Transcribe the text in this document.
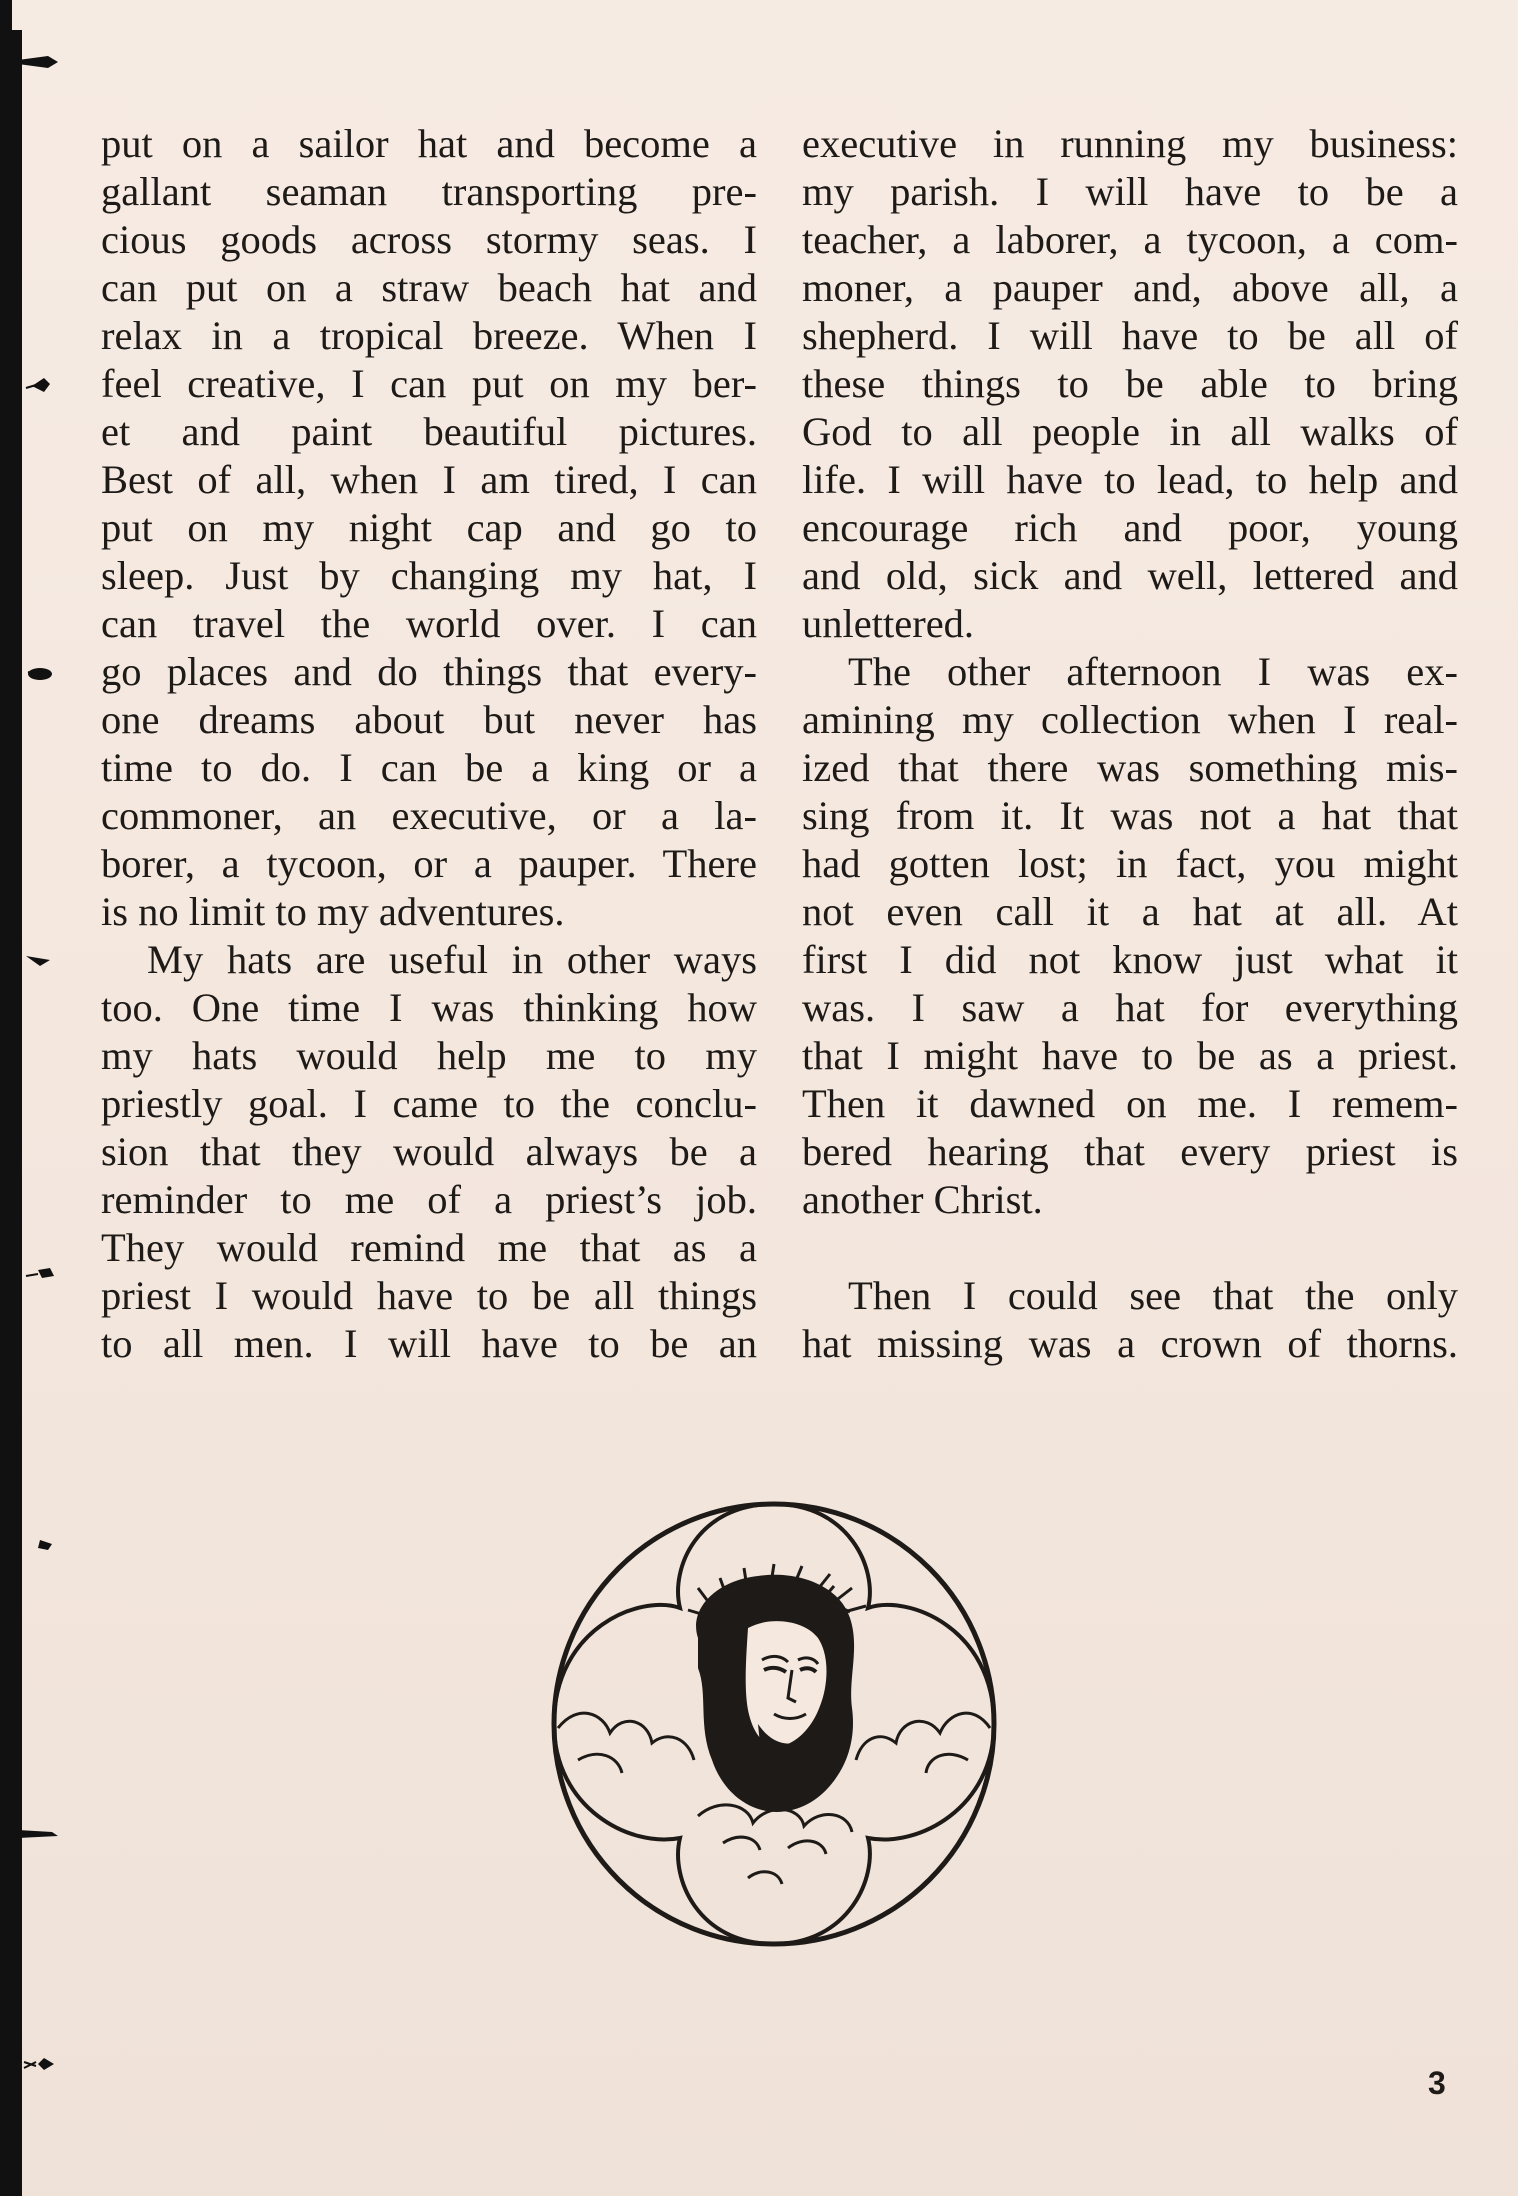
put on a sailor hat and become a
gallant seaman transporting pre-
cious goods across stormy seas. I
can put on a straw beach hat and
relax in a tropical breeze. When I
feel creative, I can put on my ber-
et and paint beautiful pictures.
Best of all, when I am tired, I can
put on my night cap and go to
sleep. Just by changing my hat, I
can travel the world over. I can
go places and do things that every-
one dreams about but never has
time to do. I can be a king or a
commoner, an executive, or a la-
borer, a tycoon, or a pauper. There
is no limit to my adventures.
My hats are useful in other ways
too. One time I was thinking how
my hats would help me to my
priestly goal. I came to the conclu-
sion that they would always be a
reminder to me of a priest’s job.
They would remind me that as a
priest I would have to be all things
to all men. I will have to be an
executive in running my business:
my parish. I will have to be a
teacher, a laborer, a tycoon, a com-
moner, a pauper and, above all, a
shepherd. I will have to be all of
these things to be able to bring
God to all people in all walks of
life. I will have to lead, to help and
encourage rich and poor, young
and old, sick and well, lettered and
unlettered.
The other afternoon I was ex-
amining my collection when I real-
ized that there was something mis-
sing from it. It was not a hat that
had gotten lost; in fact, you might
not even call it a hat at all. At
first I did not know just what it
was. I saw a hat for everything
that I might have to be as a priest.
Then it dawned on me. I remem-
bered hearing that every priest is
another Christ.
Then I could see that the only
hat missing was a crown of thorns.
3
